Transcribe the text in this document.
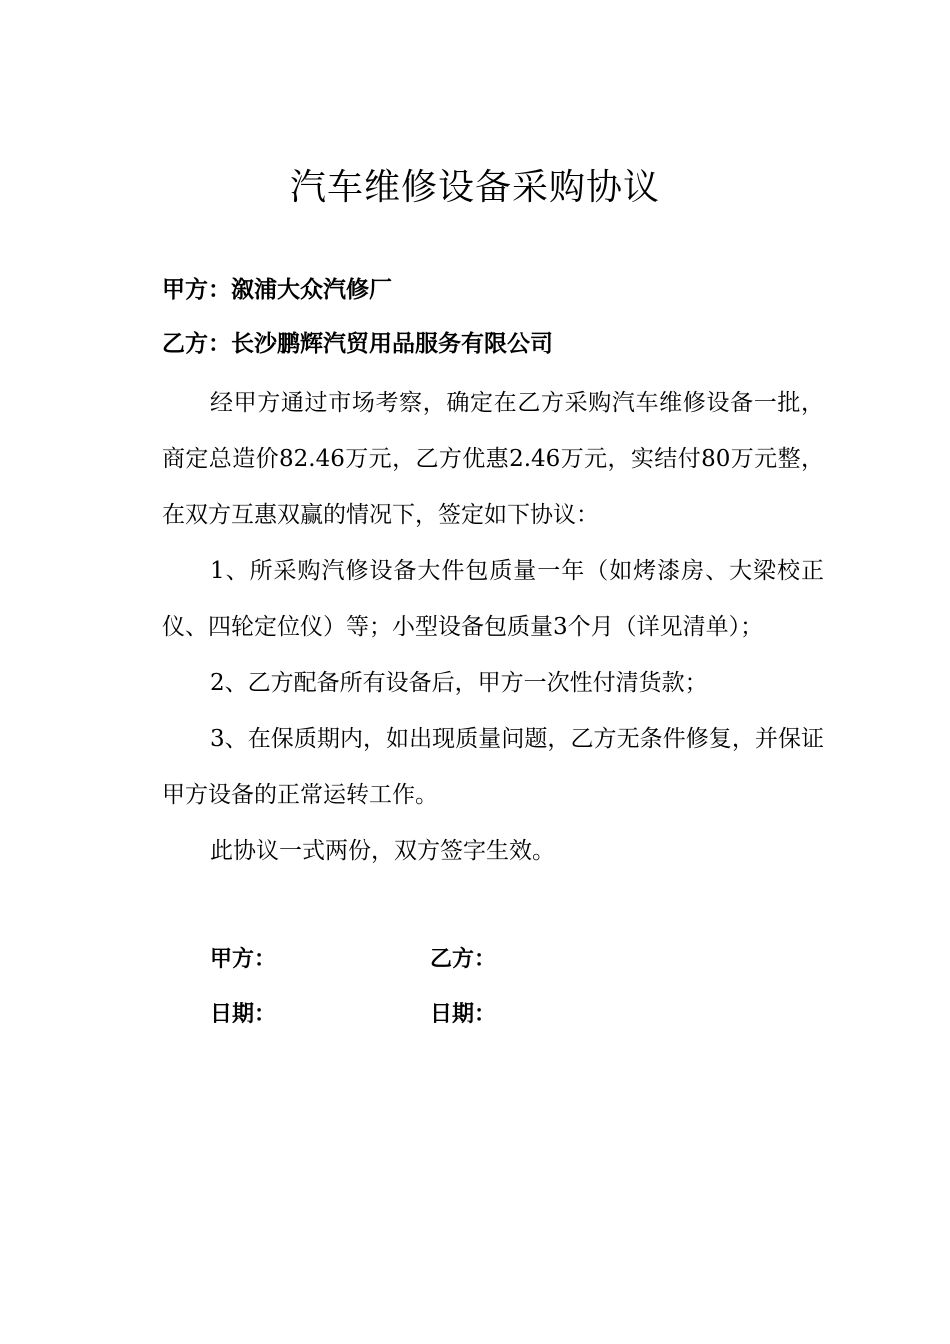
汽车维修设备采购协议
甲方：溆浦大众汽修厂
乙方：长沙鹏辉汽贸用品服务有限公司

经甲方通过市场考察，确定在乙方采购汽车维修设备一批，商定总造价82.46万元，乙方优惠2.46万元，实结付80万元整，在双方互惠双赢的情况下，签定如下协议：

1、所采购汽修设备大件包质量一年（如烤漆房、大梁校正仪、四轮定位仪）等；小型设备包质量3个月（详见清单）；

2、乙方配备所有设备后，甲方一次性付清货款；

3、在保质期内，如出现质量问题，乙方无条件修复，并保证甲方设备的正常运转工作。

此协议一式两份，双方签字生效。

甲方：	乙方：
日期：	日期：
